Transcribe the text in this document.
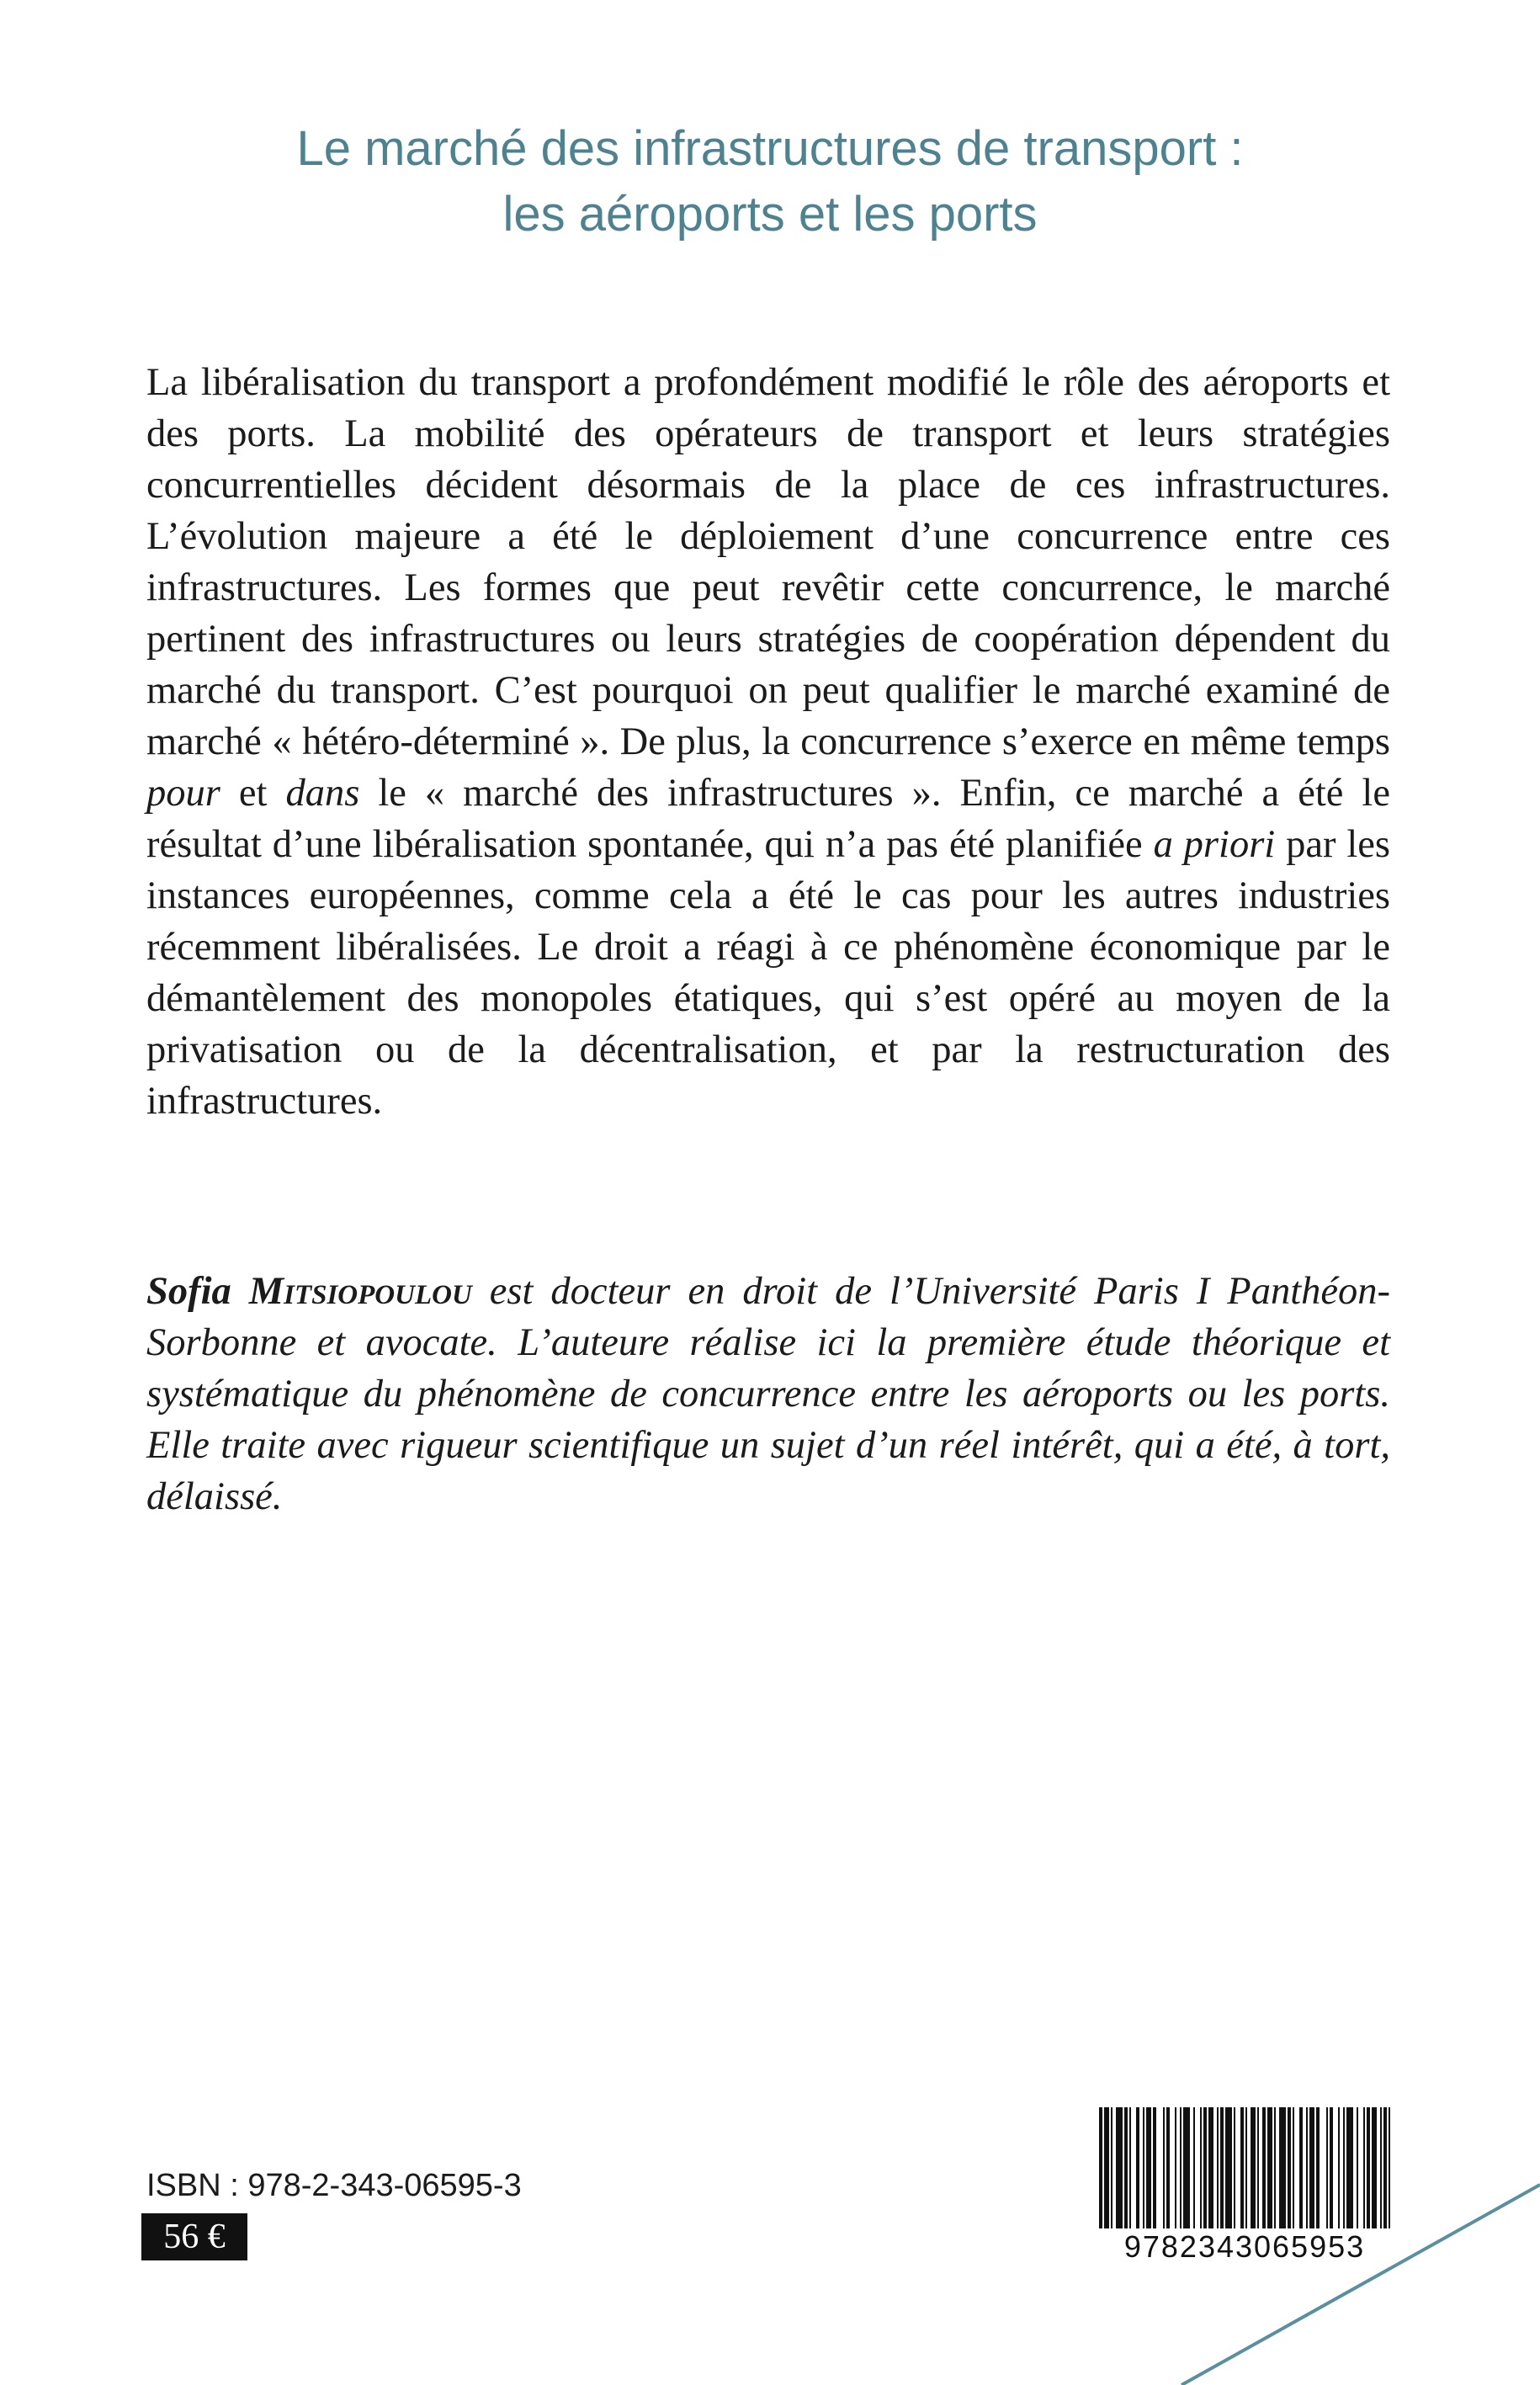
Le marché des infrastructures de transport :
les aéroports et les ports

La libéralisation du transport a profondément modifié le rôle des aéroports et des ports. La mobilité des opérateurs de transport et leurs stratégies concurrentielles décident désormais de la place de ces infrastructures. L’évolution majeure a été le déploiement d’une concurrence entre ces infrastructures. Les formes que peut revêtir cette concurrence, le marché pertinent des infrastructures ou leurs stratégies de coopération dépendent du marché du transport. C’est pourquoi on peut qualifier le marché examiné de marché « hétéro-déterminé ». De plus, la concurrence s’exerce en même temps pour et dans le « marché des infrastructures ». Enfin, ce marché a été le résultat d’une libéralisation spontanée, qui n’a pas été planifiée a priori par les instances européennes, comme cela a été le cas pour les autres industries récemment libéralisées. Le droit a réagi à ce phénomène économique par le démantèlement des monopoles étatiques, qui s’est opéré au moyen de la privatisation ou de la décentralisation, et par la restructuration des infrastructures.

Sofia Mitsiopoulou est docteur en droit de l’Université Paris I Panthéon-Sorbonne et avocate. L’auteure réalise ici la première étude théorique et systématique du phénomène de concurrence entre les aéroports ou les ports. Elle traite avec rigueur scientifique un sujet d’un réel intérêt, qui a été, à tort, délaissé.

ISBN : 978-2-343-06595-3
56 €	9782343065953
